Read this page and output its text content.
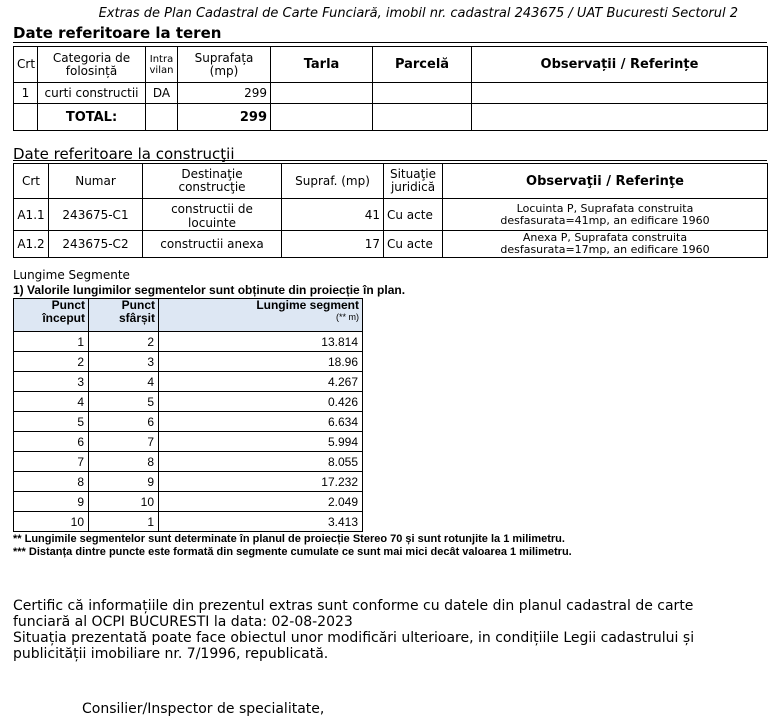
Extras de Plan Cadastral de Carte Funciară, imobil nr. cadastral 243675 / UAT Bucuresti Sectorul 2
Date referitoare la teren
Crt	Categoria de folosință	Intra vilan	Suprafața (mp)	Tarla	Parcelă	Observații / Referințe
1	curti constructii	DA	299			
	TOTAL:		299			
Date referitoare la construcţii
Crt	Numar	Destinaţie construcţie	Supraf. (mp)	Situaţie juridică	Observaţii / Referinţe
A1.1	243675-C1	constructii de locuinte	41	Cu acte	Locuinta P, Suprafata construita
desfasurata=41mp, an edificare 1960

A1.2	243675-C2	constructii anexa	17	Cu acte	Anexa P, Suprafata construita
desfasurata=17mp, an edificare 1960
Lungime Segmente
1) Valorile lungimilor segmentelor sunt obținute din proiecție în plan.
Punct început	Punct sfârșit	Lungime segment
(** m)

1	2	13.814
2	3	18.96
3	4	4.267
4	5	0.426
5	6	6.634
6	7	5.994
7	8	8.055
8	9	17.232
9	10	2.049
10	1	3.413
** Lungimile segmentelor sunt determinate în planul de proiecție Stereo 70 și sunt rotunjite la 1 milimetru.
*** Distanța dintre puncte este formată din segmente cumulate ce sunt mai mici decât valoarea 1 milimetru.

Certific că informațiile din prezentul extras sunt conforme cu datele din planul cadastral de carte funciară al OCPI BUCURESTI la data: 02-08-2023

Situația prezentată poate face obiectul unor modificări ulterioare, in condițiile Legii cadastrului și publicității imobiliare nr. 7/1996, republicată.

Consilier/Inspector de specialitate,
